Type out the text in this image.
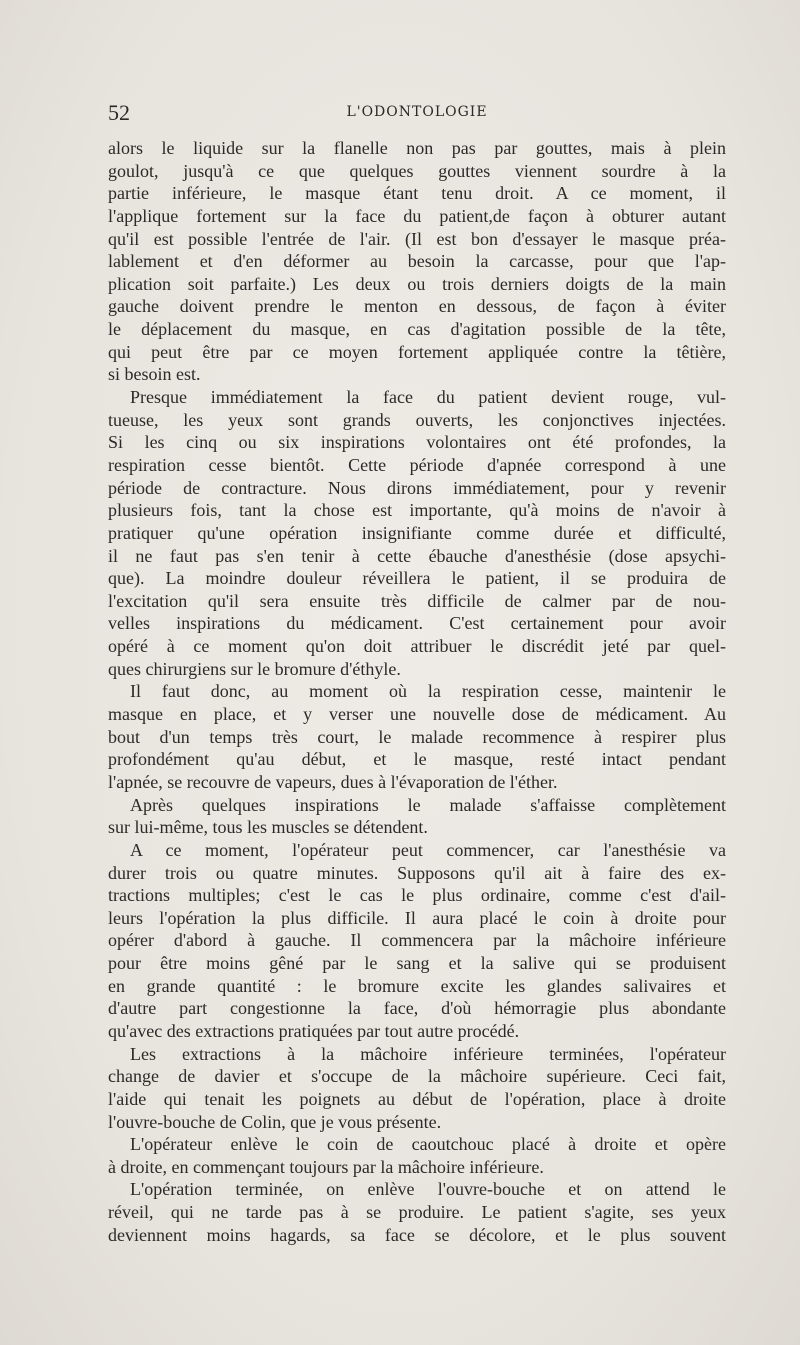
52	L'ODONTOLOGIE
alors le liquide sur la flanelle non pas par gouttes, mais à plein
goulot, jusqu'à ce que quelques gouttes viennent sourdre à la
partie inférieure, le masque étant tenu droit. A ce moment, il
l'applique fortement sur la face du patient,de façon à obturer autant
qu'il est possible l'entrée de l'air. (Il est bon d'essayer le masque préa-
lablement et d'en déformer au besoin la carcasse, pour que l'ap-
plication soit parfaite.) Les deux ou trois derniers doigts de la main
gauche doivent prendre le menton en dessous, de façon à éviter
le déplacement du masque, en cas d'agitation possible de la tête,
qui peut être par ce moyen fortement appliquée contre la têtière,
si besoin est.
Presque immédiatement la face du patient devient rouge, vul-
tueuse, les yeux sont grands ouverts, les conjonctives injectées.
Si les cinq ou six inspirations volontaires ont été profondes, la
respiration cesse bientôt. Cette période d'apnée correspond à une
période de contracture. Nous dirons immédiatement, pour y revenir
plusieurs fois, tant la chose est importante, qu'à moins de n'avoir à
pratiquer qu'une opération insignifiante comme durée et difficulté,
il ne faut pas s'en tenir à cette ébauche d'anesthésie (dose apsychi-
que). La moindre douleur réveillera le patient, il se produira de
l'excitation qu'il sera ensuite très difficile de calmer par de nou-
velles inspirations du médicament. C'est certainement pour avoir
opéré à ce moment qu'on doit attribuer le discrédit jeté par quel-
ques chirurgiens sur le bromure d'éthyle.
Il faut donc, au moment où la respiration cesse, maintenir le
masque en place, et y verser une nouvelle dose de médicament. Au
bout d'un temps très court, le malade recommence à respirer plus
profondément qu'au début, et le masque, resté intact pendant
l'apnée, se recouvre de vapeurs, dues à l'évaporation de l'éther.
Après quelques inspirations le malade s'affaisse complètement
sur lui-même, tous les muscles se détendent.
A ce moment, l'opérateur peut commencer, car l'anesthésie va
durer trois ou quatre minutes. Supposons qu'il ait à faire des ex-
tractions multiples; c'est le cas le plus ordinaire, comme c'est d'ail-
leurs l'opération la plus difficile. Il aura placé le coin à droite pour
opérer d'abord à gauche. Il commencera par la mâchoire inférieure
pour être moins gêné par le sang et la salive qui se produisent
en grande quantité : le bromure excite les glandes salivaires et
d'autre part congestionne la face, d'où hémorragie plus abondante
qu'avec des extractions pratiquées par tout autre procédé.
Les extractions à la mâchoire inférieure terminées, l'opérateur
change de davier et s'occupe de la mâchoire supérieure. Ceci fait,
l'aide qui tenait les poignets au début de l'opération, place à droite
l'ouvre-bouche de Colin, que je vous présente.
L'opérateur enlève le coin de caoutchouc placé à droite et opère
à droite, en commençant toujours par la mâchoire inférieure.
L'opération terminée, on enlève l'ouvre-bouche et on attend le
réveil, qui ne tarde pas à se produire. Le patient s'agite, ses yeux
deviennent moins hagards, sa face se décolore, et le plus souvent
